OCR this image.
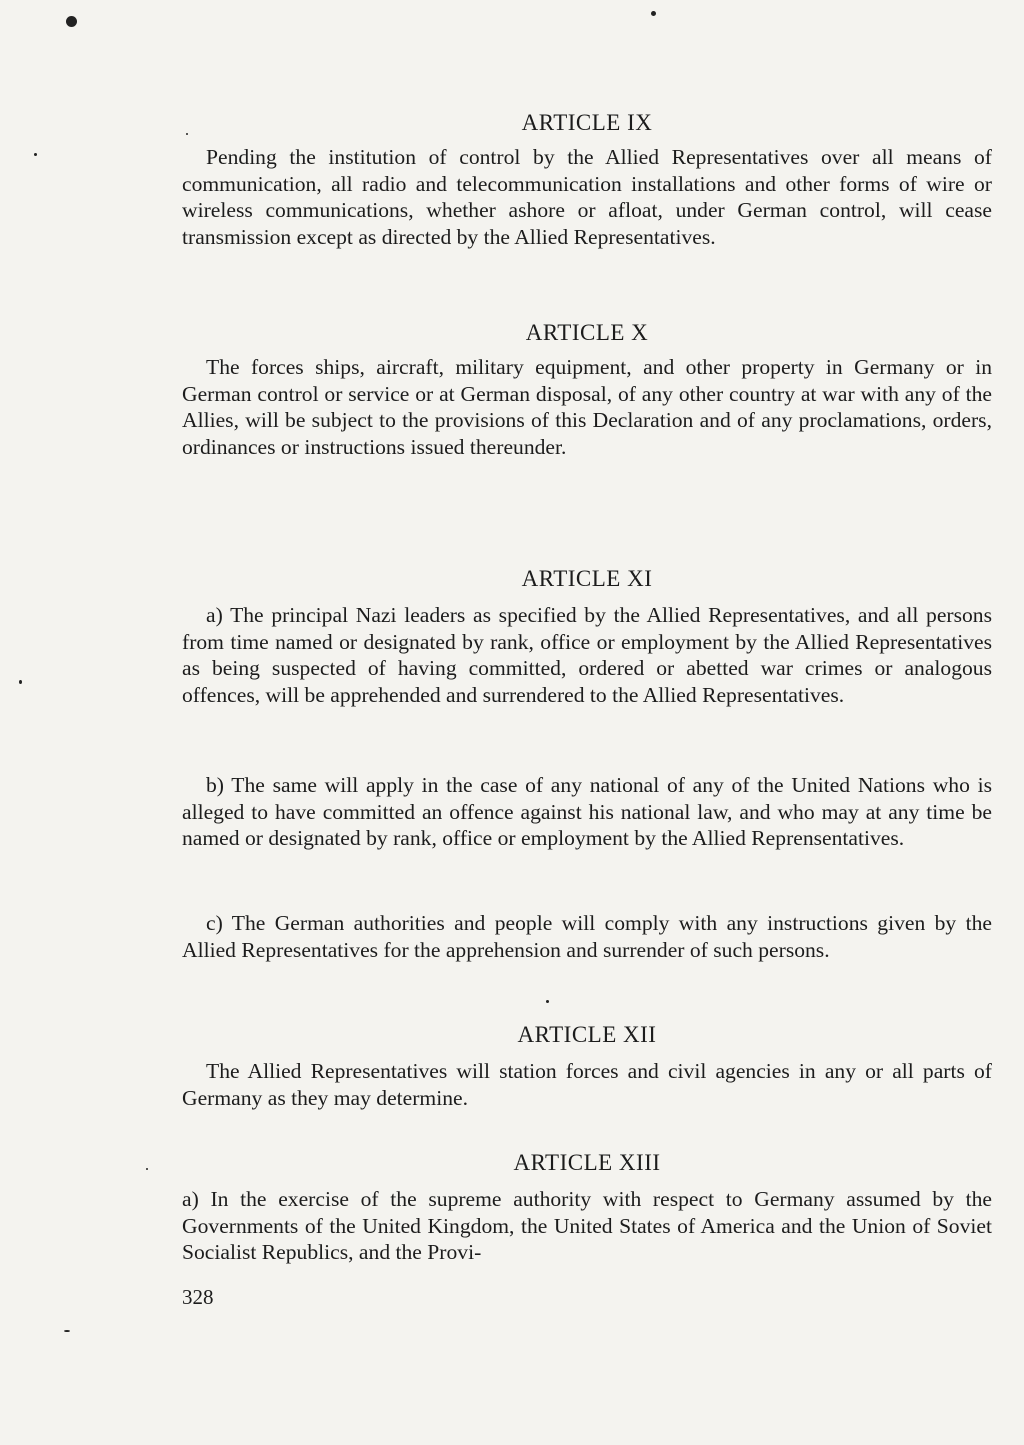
ARTICLE IX

Pending the institution of control by the Allied Representatives over all means of communication, all radio and telecommunication installations and other forms of wire or wireless communications, whether ashore or afloat, under German control, will cease transmission except as directed by the Allied Representatives.

ARTICLE X

The forces ships, aircraft, military equipment, and other property in Germany or in German control or service or at German disposal, of any other country at war with any of the Allies, will be subject to the provisions of this Declaration and of any proclamations, orders, ordinances or instructions issued thereunder.

ARTICLE XI

a) The principal Nazi leaders as specified by the Allied Representatives, and all persons from time named or designated by rank, office or employment by the Allied Representatives as being suspected of having committed, ordered or abetted war crimes or analogous offences, will be apprehended and surrendered to the Allied Representatives.

b) The same will apply in the case of any national of any of the United Nations who is alleged to have committed an offence against his national law, and who may at any time be named or designated by rank, office or employment by the Allied Reprensentatives.

c) The German authorities and people will comply with any instructions given by the Allied Representatives for the apprehension and surrender of such persons.

ARTICLE XII

The Allied Representatives will station forces and civil agencies in any or all parts of Germany as they may determine.

ARTICLE XIII

a) In the exercise of the supreme authority with respect to Germany assumed by the Governments of the United Kingdom, the United States of America and the Union of Soviet Socialist Republics, and the Provi-

328
